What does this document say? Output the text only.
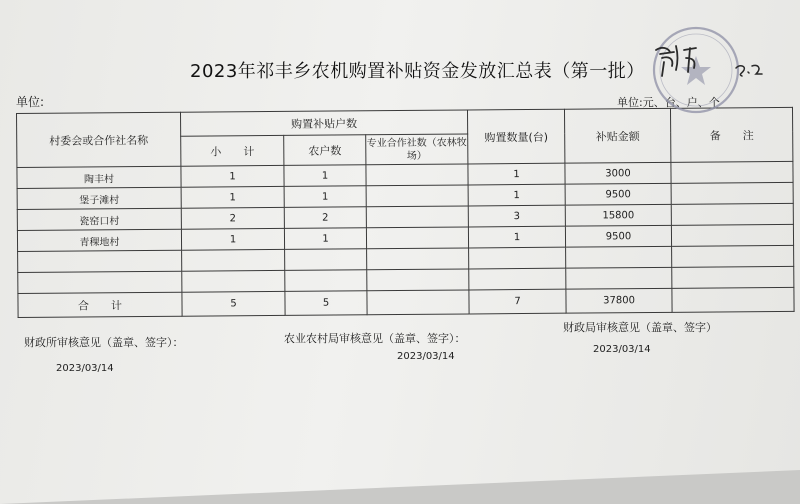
2023年祁丰乡农机购置补贴资金发放汇总表（第一批）
单位:	单位:元、台、户、个
村委会或合作社名称	购置补贴户数			购置数量(台)	补贴金额	备　　注
	小　　计	农户数	专业合作社数（农林牧场）			
陶丰村	1	1		1	3000	
堡子滩村	1	1		1	9500	
瓷窑口村	2	2		3	15800	
青稞地村	1	1		1	9500	

合　　计	5	5		7	37800	
财政所审核意见（盖章、签字）：
2023/03/14
农业农村局审核意见（盖章、签字）：
2023/03/14
财政局审核意见（盖章、签字）
2023/03/14
